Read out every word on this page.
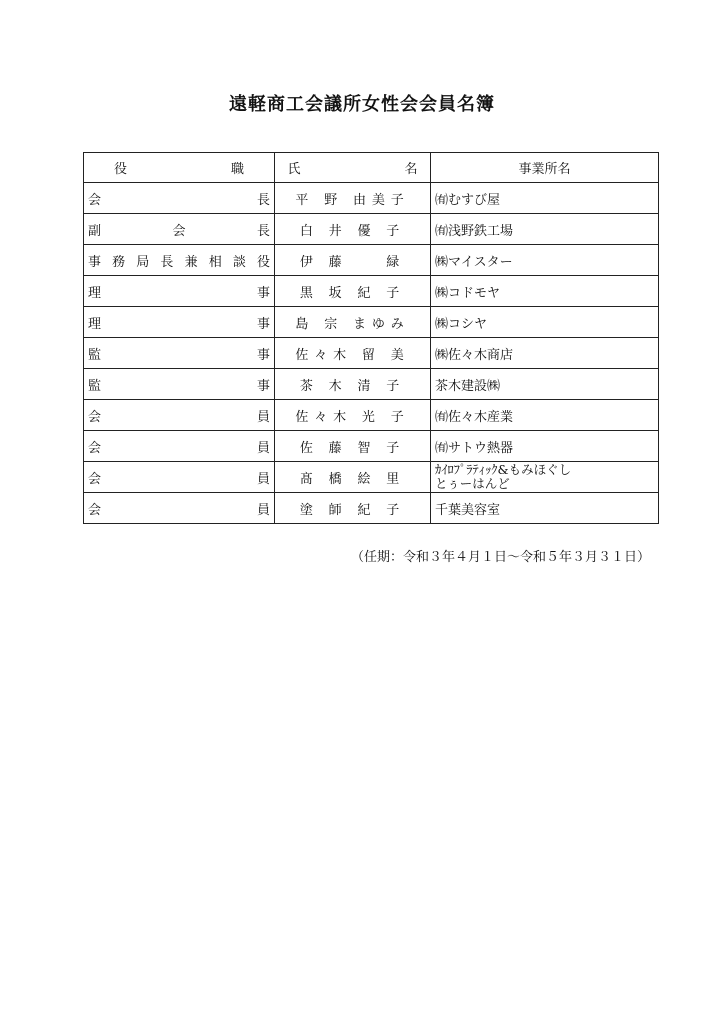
遠軽商工会議所女性会会員名簿
役　職	氏　名	事業所名
会長	平 野 由美子	㈲むすび屋
副会長	白 井 優 子	㈲浅野鉄工場
事務局長兼相談役	伊 藤 　 緑	㈱マイスター
理事	黒 坂 紀 子	㈱コドモヤ
理事	島 宗 まゆみ	㈱コシヤ
監事	佐々木 留 美	㈱佐々木商店
監事	茶 木 清 子	茶木建設㈱
会員	佐々木 光 子	㈲佐々木産業
会員	佐 藤 智 子	㈲サトウ熱器
会員	髙 橋 絵 里	ｶｲﾛﾌﾟﾗﾃｨｯｸ&もみほぐし
とぅーはんど

会員	塗 師 紀 子	千葉美容室

（任期：令和３年４月１日～令和５年３月３１日）
